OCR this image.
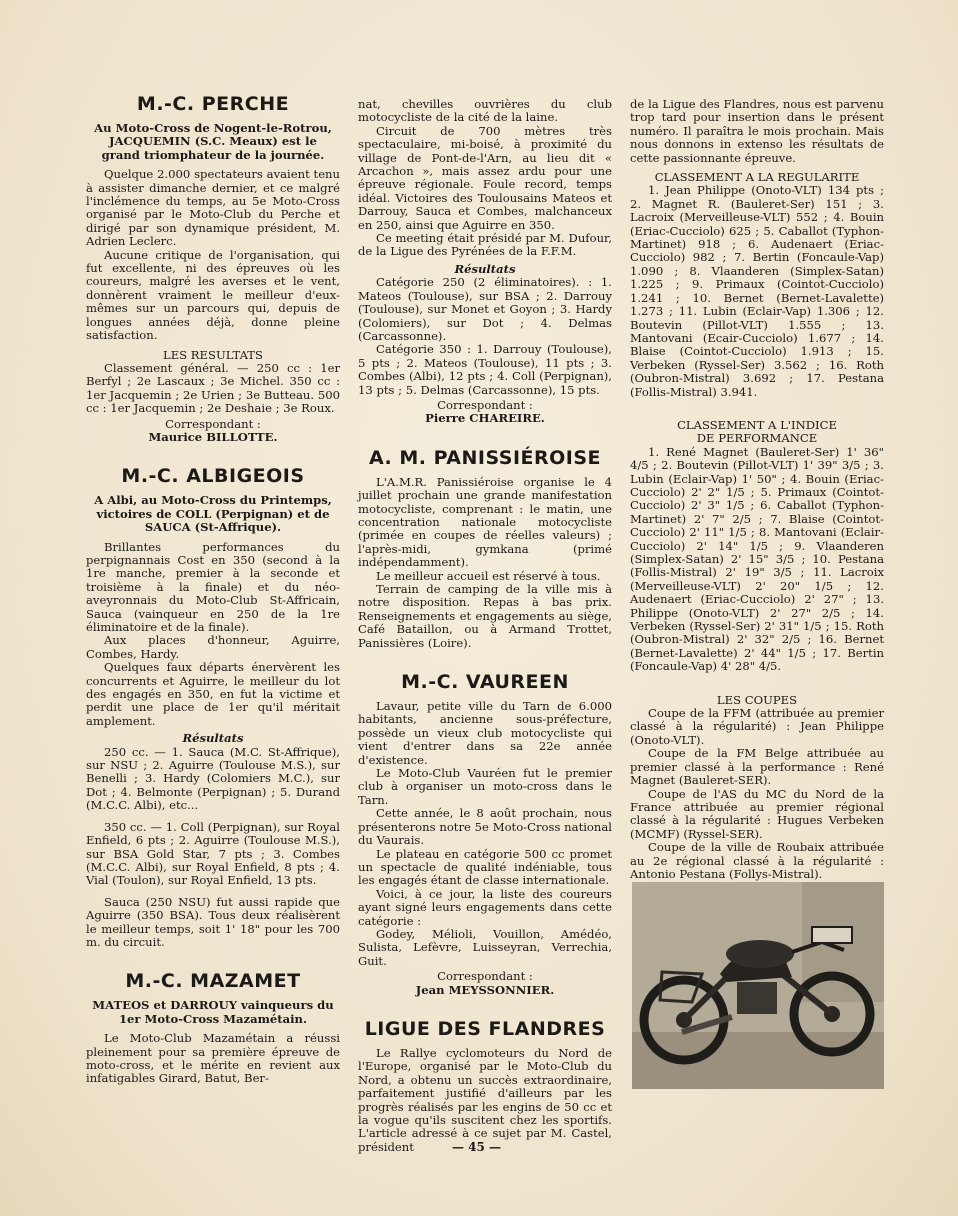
M.-C. PERCHE
Au Moto-Cross de Nogent-le-Rotrou, JACQUEMIN (S.C. Meaux) est le grand triomphateur de la journée.

Quelque 2.000 spectateurs avaient tenu à assister dimanche dernier, et ce malgré l'inclémence du temps, au 5e Moto-Cross organisé par le Moto-Club du Perche et dirigé par son dynamique président, M. Adrien Leclerc.

Aucune critique de l'organisation, qui fut excellente, ni des épreuves où les coureurs, malgré les averses et le vent, donnèrent vraiment le meilleur d'eux-mêmes sur un parcours qui, depuis de longues années déjà, donne pleine satisfaction.

LES RESULTATS

Classement général. — 250 cc : 1er Berfyl ; 2e Lascaux ; 3e Michel. 350 cc : 1er Jacquemin ; 2e Urien ; 3e Butteau. 500 cc : 1er Jacquemin ; 2e Deshaie ; 3e Roux.

Correspondant :

Maurice BILLOTTE.

M.-C. ALBIGEOIS
A Albi, au Moto-Cross du Printemps, victoires de COLL (Perpignan) et de SAUCA (St-Affrique).

Brillantes performances du perpignannais Cost en 350 (second à la 1re manche, premier à la seconde et troisième à la finale) et du néo-aveyronnais du Moto-Club St-Affricain, Sauca (vainqueur en 250 de la 1re éliminatoire et de la finale).

Aux places d'honneur, Aguirre, Combes, Hardy.

Quelques faux départs énervèrent les concurrents et Aguirre, le meilleur du lot des engagés en 350, en fut la victime et perdit une place de 1er qu'il méritait amplement.

Résultats

250 cc. — 1. Sauca (M.C. St-Affrique), sur NSU ; 2. Aguirre (Toulouse M.S.), sur Benelli ; 3. Hardy (Colomiers M.C.), sur Dot ; 4. Belmonte (Perpignan) ; 5. Durand (M.C.C. Albi), etc...

350 cc. — 1. Coll (Perpignan), sur Royal Enfield, 6 pts ; 2. Aguirre (Toulouse M.S.), sur BSA Gold Star, 7 pts ; 3. Combes (M.C.C. Albi), sur Royal Enfield, 8 pts ; 4. Vial (Toulon), sur Royal Enfield, 13 pts.

Sauca (250 NSU) fut aussi rapide que Aguirre (350 BSA). Tous deux réalisèrent le meilleur temps, soit 1' 18" pour les 700 m. du circuit.

M.-C. MAZAMET
MATEOS et DARROUY vainqueurs du 1er Moto-Cross Mazamétain.

Le Moto-Club Mazamétain a réussi pleinement pour sa première épreuve de moto-cross, et le mérite en revient aux infatigables Girard, Batut, Ber-

nat, chevilles ouvrières du club motocycliste de la cité de la laine.

Circuit de 700 mètres très spectaculaire, mi-boisé, à proximité du village de Pont-de-l'Arn, au lieu dit « Arcachon », mais assez ardu pour une épreuve régionale. Foule record, temps idéal. Victoires des Toulousains Mateos et Darrouy, Sauca et Combes, malchanceux en 250, ainsi que Aguirre en 350.

Ce meeting était présidé par M. Dufour, de la Ligue des Pyrénées de la F.F.M.

Résultats

Catégorie 250 (2 éliminatoires). : 1. Mateos (Toulouse), sur BSA ; 2. Darrouy (Toulouse), sur Monet et Goyon ; 3. Hardy (Colomiers), sur Dot ; 4. Delmas (Carcassonne).

Catégorie 350 : 1. Darrouy (Toulouse), 5 pts ; 2. Mateos (Toulouse), 11 pts ; 3. Combes (Albi), 12 pts ; 4. Coll (Perpignan), 13 pts ; 5. Delmas (Carcassonne), 15 pts.

Correspondant :

Pierre CHAREIRE.

A. M. PANISSIÉROISE

L'A.M.R. Panissiéroise organise le 4 juillet prochain une grande manifestation motocycliste, comprenant : le matin, une concentration nationale motocycliste (primée en coupes de réelles valeurs) ; l'après-midi, gymkana (primé indépendamment).

Le meilleur accueil est réservé à tous.

Terrain de camping de la ville mis à notre disposition. Repas à bas prix. Renseignements et engagements au siège, Café Bataillon, ou à Armand Trottet, Panissières (Loire).

M.-C. VAUREEN

Lavaur, petite ville du Tarn de 6.000 habitants, ancienne sous-préfecture, possède un vieux club motocycliste qui vient d'entrer dans sa 22e année d'existence.

Le Moto-Club Vauréen fut le premier club à organiser un moto-cross dans le Tarn.

Cette année, le 8 août prochain, nous présenterons notre 5e Moto-Cross national du Vaurais.

Le plateau en catégorie 500 cc promet un spectacle de qualité indéniable, tous les engagés étant de classe internationale.

Voici, à ce jour, la liste des coureurs ayant signé leurs engagements dans cette catégorie :

Godey, Mélioli, Vouillon, Amédéo, Sulista, Lefèvre, Luisseyran, Verrechia, Guit.

Correspondant :

Jean MEYSSONNIER.

LIGUE DES FLANDRES

Le Rallye cyclomoteurs du Nord de l'Europe, organisé par le Moto-Club du Nord, a obtenu un succès extraordinaire, parfaitement justifié d'ailleurs par les progrès réalisés par les engins de 50 cc et la vogue qu'ils suscitent chez les sportifs. L'article adressé à ce sujet par M. Castel, président

de la Ligue des Flandres, nous est parvenu trop tard pour insertion dans le présent numéro. Il paraîtra le mois prochain. Mais nous donnons in extenso les résultats de cette passionnante épreuve.

CLASSEMENT A LA REGULARITE

1. Jean Philippe (Onoto-VLT) 134 pts ; 2. Magnet R. (Bauleret-Ser) 151 ; 3. Lacroix (Merveilleuse-VLT) 552 ; 4. Bouin (Eriac-Cucciolo) 625 ; 5. Caballot (Typhon-Martinet) 918 ; 6. Audenaert (Eriac-Cucciolo) 982 ; 7. Bertin (Foncaule-Vap) 1.090 ; 8. Vlaanderen (Simplex-Satan) 1.225 ; 9. Primaux (Cointot-Cucciolo) 1.241 ; 10. Bernet (Bernet-Lavalette) 1.273 ; 11. Lubin (Eclair-Vap) 1.306 ; 12. Boutevin (Pillot-VLT) 1.555 ; 13. Mantovani (Ecair-Cucciolo) 1.677 ; 14. Blaise (Cointot-Cucciolo) 1.913 ; 15. Verbeken (Ryssel-Ser) 3.562 ; 16. Roth (Oubron-Mistral) 3.692 ; 17. Pestana (Follis-Mistral) 3.941.

CLASSEMENT A L'INDICE

DE PERFORMANCE

1. René Magnet (Bauleret-Ser) 1' 36" 4/5 ; 2. Boutevin (Pillot-VLT) 1' 39" 3/5 ; 3. Lubin (Eclair-Vap) 1' 50" ; 4. Bouin (Eriac-Cucciolo) 2' 2" 1/5 ; 5. Primaux (Cointot-Cucciolo) 2' 3" 1/5 ; 6. Caballot (Typhon-Martinet) 2' 7" 2/5 ; 7. Blaise (Cointot-Cucciolo) 2' 11" 1/5 ; 8. Mantovani (Eclair-Cucciolo) 2' 14" 1/5 ; 9. Vlaanderen (Simplex-Satan) 2' 15" 3/5 ; 10. Pestana (Follis-Mistral) 2' 19" 3/5 ; 11. Lacroix (Merveilleuse-VLT) 2' 20" 1/5 ; 12. Audenaert (Eriac-Cucciolo) 2' 27" ; 13. Philippe (Onoto-VLT) 2' 27" 2/5 ; 14. Verbeken (Ryssel-Ser) 2' 31" 1/5 ; 15. Roth (Oubron-Mistral) 2' 32" 2/5 ; 16. Bernet (Bernet-Lavalette) 2' 44" 1/5 ; 17. Bertin (Foncaule-Vap) 4' 28" 4/5.

LES COUPES

Coupe de la FFM (attribuée au premier classé à la régularité) : Jean Philippe (Onoto-VLT).

Coupe de la FM Belge attribuée au premier classé à la performance : René Magnet (Bauleret-SER).

Coupe de l'AS du MC du Nord de la France attribuée au premier régional classé à la régularité : Hugues Verbeken (MCMF) (Ryssel-SER).

Coupe de la ville de Roubaix attribuée au 2e régional classé à la régularité : Antonio Pestana (Follys-Mistral).

— 45 —
